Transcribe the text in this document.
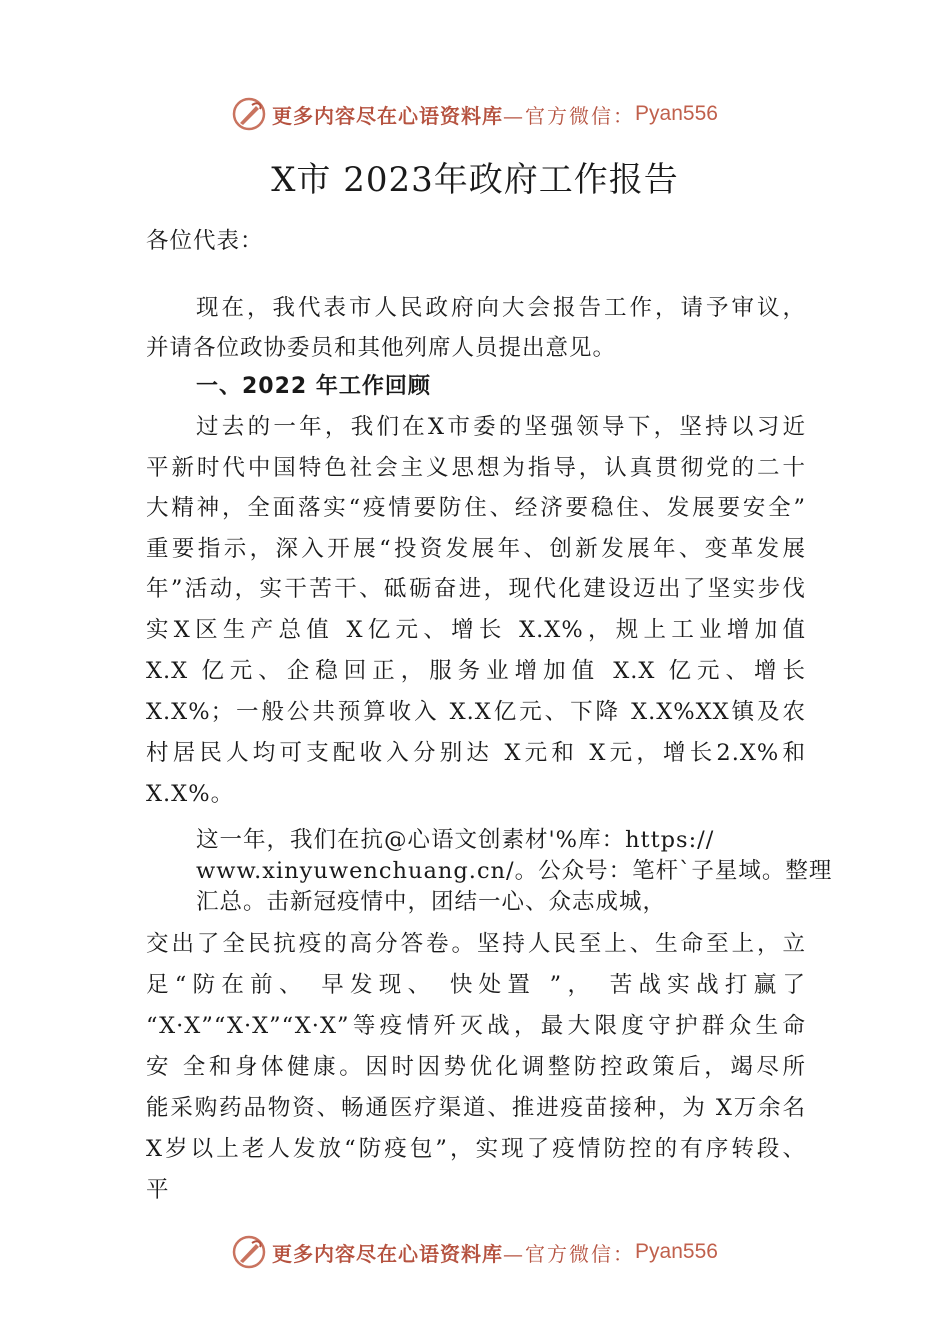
更多内容尽在心语资料库 —官方微信： Pyan556
X市 2023年政府工作报告
各位代表：
现在，我代表市人民政府向大会报告工作，请予审议，
并请各位政协委员和其他列席人员提出意见。
一、2022 年工作回顾
过去的一年，我们在X市委的坚强领导下，坚持以习近
平新时代中国特色社会主义思想为指导，认真贯彻党的二十
大精神，全面落实“疫情要防住、经济要稳住、发展要安全”
重要指示，深入开展“投资发展年、创新发展年、变革发展
年”活动，实干苦干、砥砺奋进，现代化建设迈出了坚实步伐
实X区生产总值 X亿元、增长 X.X%，规上工业增加值
X.X 亿元、企稳回正，服务业增加值 X.X 亿元、增长
X.X%；一般公共预算收入 X.X亿元、下降 X.X%XX镇及农
村居民人均可支配收入分别达 X元和 X元，增长2.X%和
X.X%。
这一年，我们在抗@心语文创素材'%库：https://
www.xinyuwenchuang.cn/。公众号：笔杆`子星域。整理
汇总。击新冠疫情中，团结一心、众志成城，
交出了全民抗疫的高分答卷。坚持人民至上、生命至上，立
足“防在前、 早发现、 快处置 ”， 苦战实战打赢了
“X·X”“X·X”“X·X”等疫情歼灭战，最大限度守护群众生命
安 全和身体健康。因时因势优化调整防控政策后，竭尽所
能采购药品物资、畅通医疗渠道、推进疫苗接种，为 X万余名
X岁以上老人发放“防疫包”，实现了疫情防控的有序转段、
平
更多内容尽在心语资料库 —官方微信： Pyan556
